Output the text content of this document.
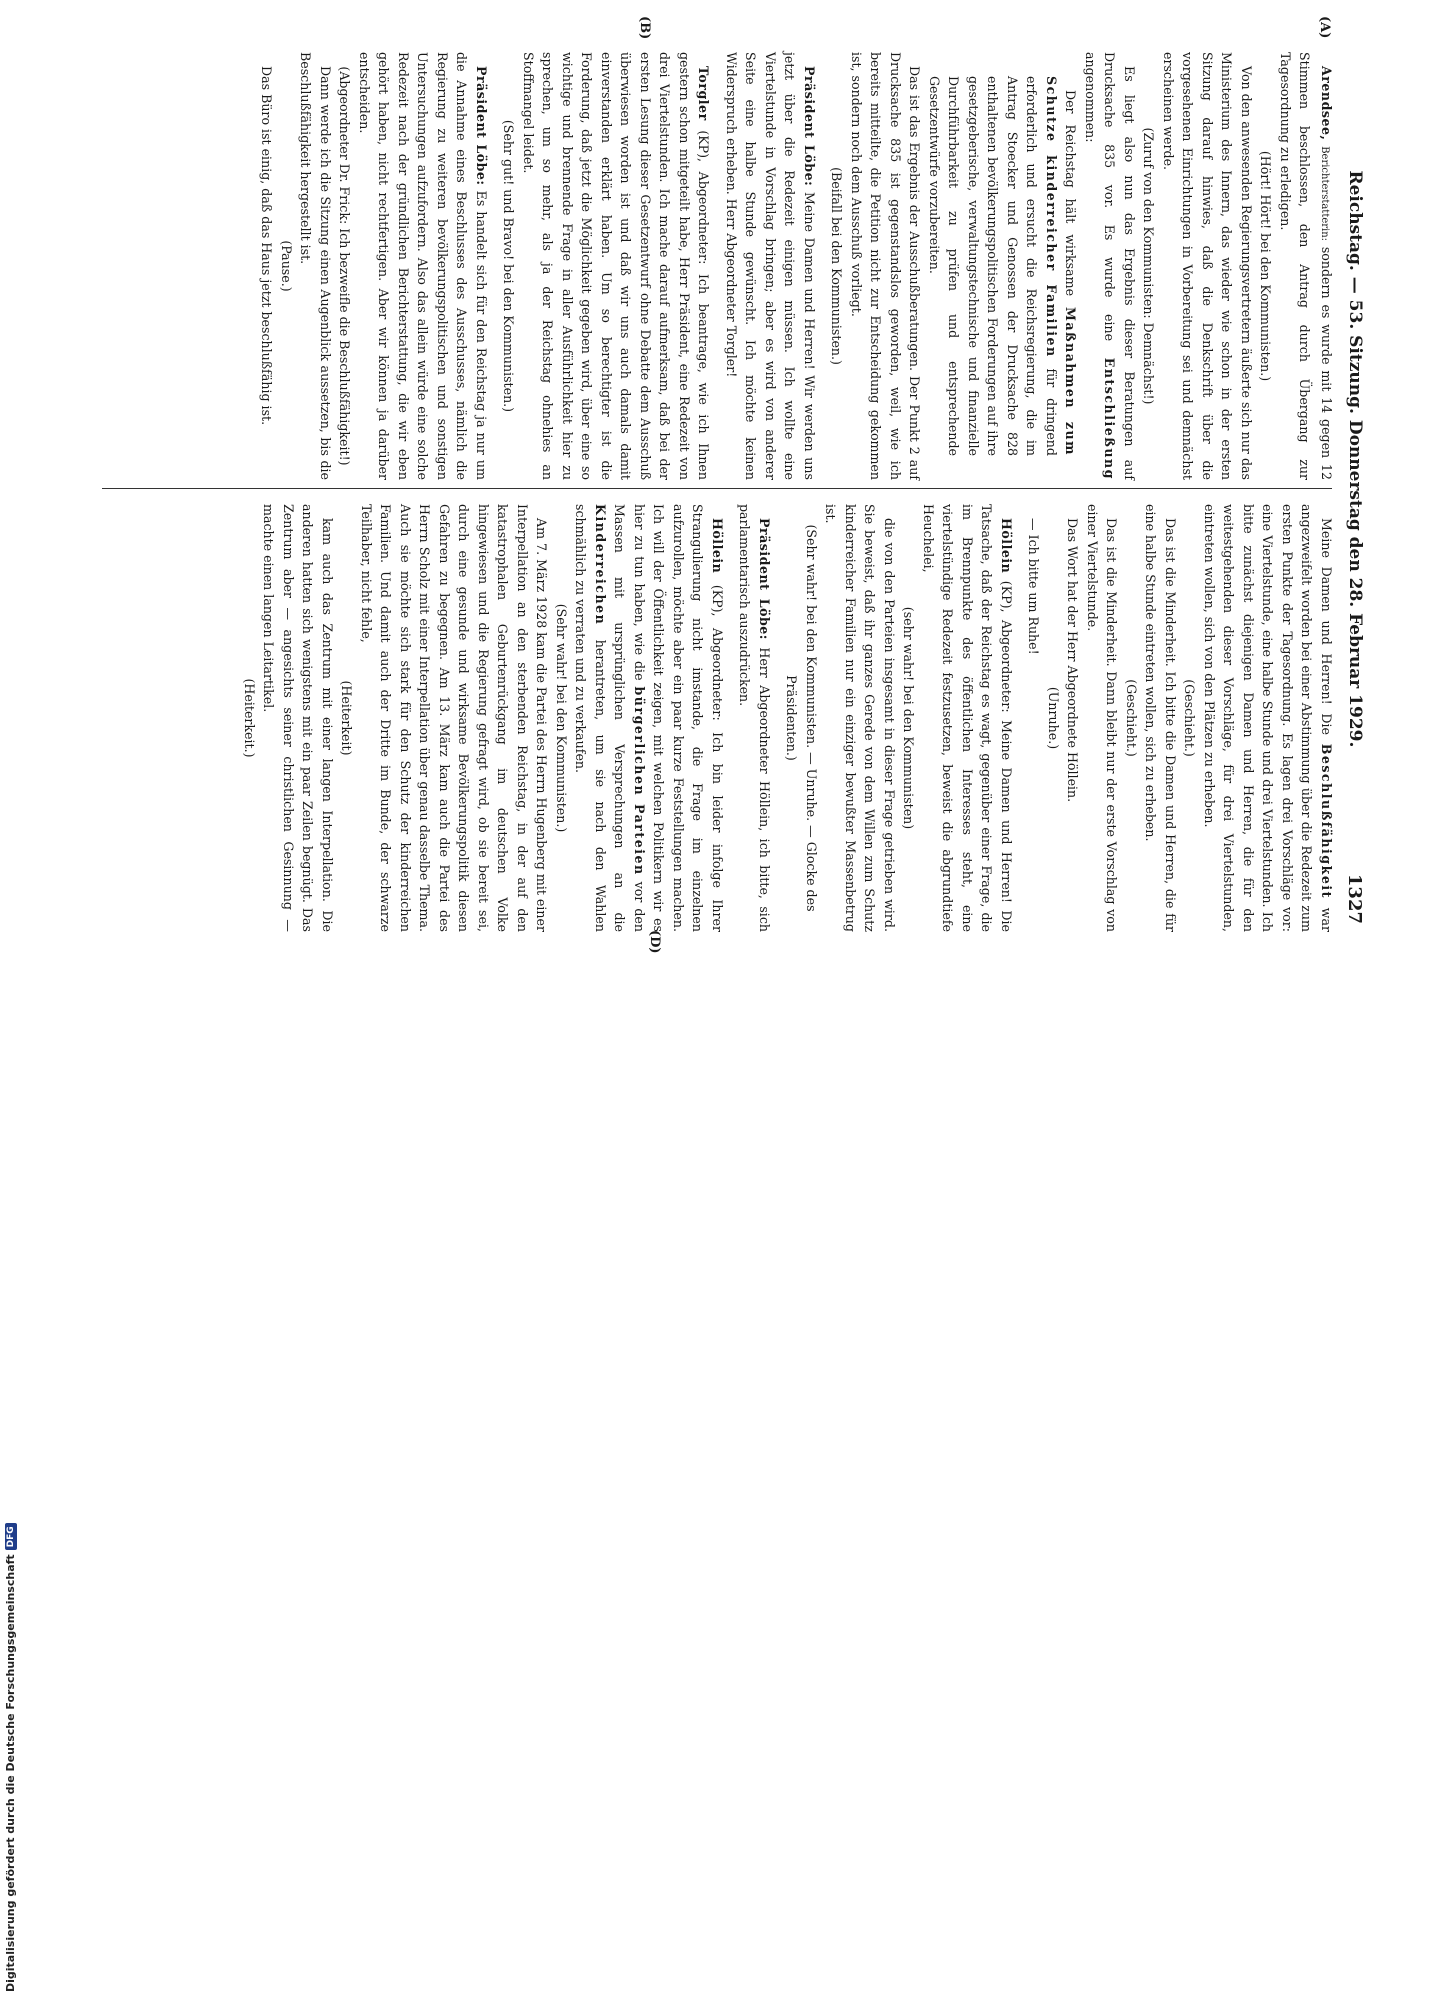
Reichstag. — 53. Sitzung. Donnerstag den 28. Februar 1929.
1327
(A)
(B)
(D)

Arendsee, Berichterstatterin: sondern es wurde mit 14 gegen 12 Stimmen beschlossen, den Antrag durch Übergang zur Tagesordnung zu erledigen.

(Hört! Hört! bei den Kommunisten.)

Von den anwesenden Regierungsvertretern äußerte sich nur das Ministerium des Innern, das wieder wie schon in der ersten Sitzung darauf hinwies, daß die Denkschrift über die vorgesehenen Einrichtungen in Vorbereitung sei und demnächst erscheinen werde.

(Zuruf von den Kommunisten: Demnächst!)

Es liegt also nun das Ergebnis dieser Beratungen auf Drucksache 835 vor. Es wurde eine Entschließung angenommen:

Der Reichstag hält wirksame Maßnahmen zum Schutze kinderreicher Familien für dringend erforderlich und ersucht die Reichsregierung, die im Antrag Stoecker und Genossen der Drucksache 828 enthaltenen bevölkerungspolitischen Forderungen auf ihre gesetzgeberische, verwaltungstechnische und finanzielle Durchführbarkeit zu prüfen und entsprechende Gesetzentwürfe vorzubereiten.

Das ist das Ergebnis der Ausschußberatungen. Der Punkt 2 auf Drucksache 835 ist gegenstandslos geworden, weil, wie ich bereits mitteilte, die Petition nicht zur Entscheidung gekommen ist, sondern noch dem Ausschuß vorliegt.

(Beifall bei den Kommunisten.)

Präsident Löbe: Meine Damen und Herren! Wir werden uns jetzt über die Redezeit einigen müssen. Ich wollte eine Viertelstunde in Vorschlag bringen; aber es wird von anderer Seite eine halbe Stunde gewünscht. Ich möchte keinen Widerspruch erheben. Herr Abgeordneter Torgler!

Torgler (KP), Abgeordneter: Ich beantrage, wie ich Ihnen gestern schon mitgeteilt habe, Herr Präsident, eine Redezeit von drei Viertelstunden. Ich mache darauf aufmerksam, daß bei der ersten Lesung dieser Gesetzentwurf ohne Debatte dem Ausschuß überwiesen worden ist und daß wir uns auch damals damit einverstanden erklärt haben. Um so berechtigter ist die Forderung, daß jetzt die Möglichkeit gegeben wird, über eine so wichtige und brennende Frage in aller Ausführlichkeit hier zu sprechen, um so mehr, als ja der Reichstag ohnehies an Stoffmangel leidet.

(Sehr gut! und Bravo! bei den Kommunisten.)

Präsident Löbe: Es handelt sich für den Reichstag ja nur um die Annahme eines Beschlusses des Ausschusses, nämlich die Regierung zu weiteren bevölkerungspolitischen und sonstigen Untersuchungen aufzufordern. Also das allein würde eine solche Redezeit nach der gründlichen Berichterstattung, die wir eben gehört haben, nicht rechtfertigen. Aber wir können ja darüber entscheiden.

(Abgeordneter Dr. Frick: Ich bezweifle die Beschlußfähigkeit!)

Dann werde ich die Sitzung einen Augenblick aussetzen, bis die Beschlußfähigkeit hergestellt ist.

(Pause.)

Das Büro ist einig, daß das Haus jetzt beschlußfähig ist.

Meine Damen und Herren! Die Beschlußfähigkeit war angezweifelt worden bei einer Abstimmung über die Redezeit zum ersten Punkte der Tagesordnung. Es lagen drei Vorschläge vor: eine Viertelstunde, eine halbe Stunde und drei Viertelstunden. Ich bitte zunächst diejenigen Damen und Herren, die für den weitestgehenden dieser Vorschläge, für drei Viertelstunden, eintreten wollen, sich von den Plätzen zu erheben.

(Geschieht.)

Das ist die Minderheit. Ich bitte die Damen und Herren, die für eine halbe Stunde eintreten wollen, sich zu erheben.

(Geschieht.)

Das ist die Minderheit. Dann bleibt nur der erste Vorschlag von einer Viertelstunde.

Das Wort hat der Herr Abgeordnete Höllein.

(Unruhe.)

— Ich bitte um Ruhe!

Höllein (KP), Abgeordneter: Meine Damen und Herren! Die Tatsache, daß der Reichstag es wagt, gegenüber einer Frage, die im Brennpunkte des öffentlichen Interesses steht, eine viertelstündige Redezeit festzusetzen, beweist die abgrundtiefe Heuchelei,

(sehr wahr! bei den Kommunisten)

die von den Parteien insgesamt in dieser Frage getrieben wird. Sie beweist, daß ihr ganzes Gerede von dem Willen zum Schutz kinderreicher Familien nur ein einziger bewußter Massenbetrug ist.

(Sehr wahr! bei den Kommunisten. — Unruhe. — Glocke des Präsidenten.)

Präsident Löbe: Herr Abgeordneter Höllein, ich bitte, sich parlamentarisch auszudrücken.

Höllein (KP), Abgeordneter: Ich bin leider infolge Ihrer Strangulierung nicht imstande, die Frage im einzelnen aufzurollen, möchte aber ein paar kurze Feststellungen machen. Ich will der Öffentlichkeit zeigen, mit welchen Politikern wir es hier zu tun haben, wie die bürgerlichen Parteien vor den Massen mit ursprünglichen Versprechungen an die Kinderreichen herantreten, um sie nach den Wahlen schmählich zu verraten und zu verkaufen.

(Sehr wahr! bei den Kommunisten.)

Am 7. März 1928 kam die Partei des Herrn Hugenberg mit einer Interpellation an den sterbenden Reichstag, in der auf den katastrophalen Geburtenrückgang im deutschen Volke hingewiesen und die Regierung gefragt wird, ob sie bereit sei, durch eine gesunde und wirksame Bevölkerungspolitik diesen Gefahren zu begegnen. Am 13. März kam auch die Partei des Herrn Scholz mit einer Interpellation über genau dasselbe Thema. Auch sie möchte sich stark für den Schutz der kinderreichen Familien. Und damit auch der Dritte im Bunde, der schwarze Teilhaber, nicht fehle,

(Heiterkeit)

kam auch das Zentrum mit einer langen Interpellation. Die anderen hatten sich wenigstens mit ein paar Zeilen begnügt. Das Zentrum aber — angesichts seiner christlichen Gesinnung — machte einen langen Leitartikel.

(Heiterkeit.)

Digitalisierung gefördert durch die Deutsche Forschungsgemeinschaft
DFG
